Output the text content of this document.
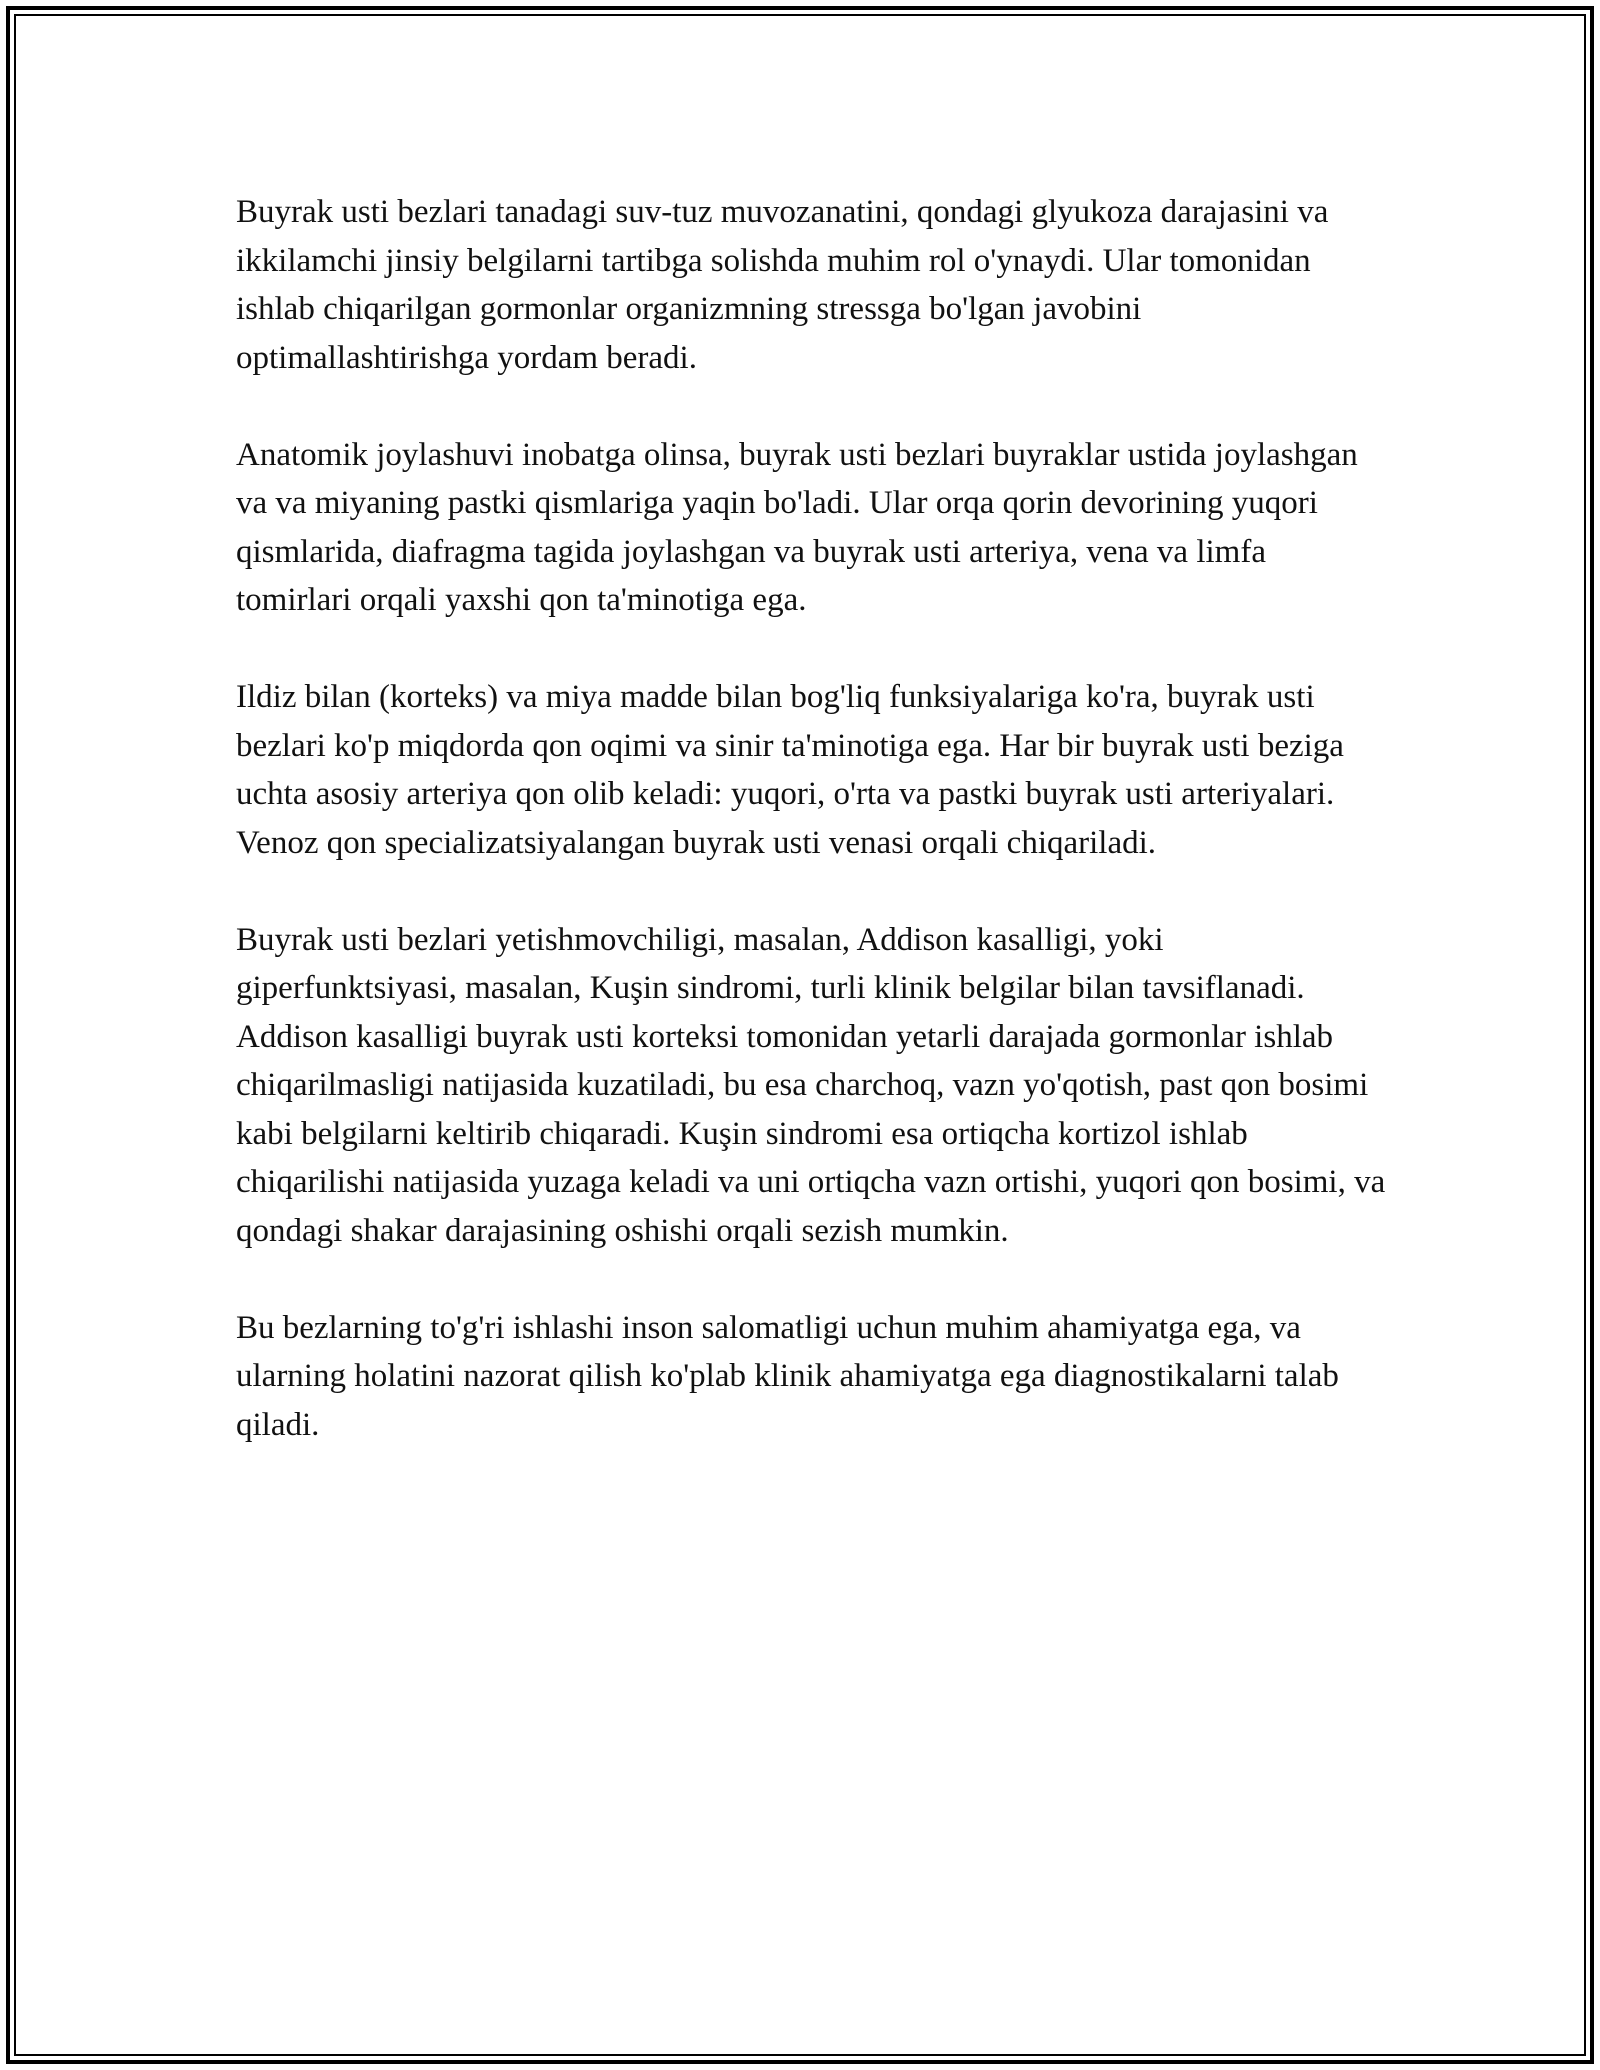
Buyrak usti bezlari tanadagi suv-tuz muvozanatini, qondagi glyukoza darajasini va ikkilamchi jinsiy belgilarni tartibga solishda muhim rol o'ynaydi. Ular tomonidan ishlab chiqarilgan gormonlar organizmning stressga bo'lgan javobini optimallashtirishga yordam beradi.

Anatomik joylashuvi inobatga olinsa, buyrak usti bezlari buyraklar ustida joylashgan va va miyaning pastki qismlariga yaqin bo'ladi. Ular orqa qorin devorining yuqori qismlarida, diafragma tagida joylashgan va buyrak usti arteriya, vena va limfa tomirlari orqali yaxshi qon ta'minotiga ega.

Ildiz bilan (korteks) va miya madde bilan bog'liq funksiyalariga ko'ra, buyrak usti bezlari ko'p miqdorda qon oqimi va sinir ta'minotiga ega. Har bir buyrak usti beziga uchta asosiy arteriya qon olib keladi: yuqori, o'rta va pastki buyrak usti arteriyalari. Venoz qon specializatsiyalangan buyrak usti venasi orqali chiqariladi.

Buyrak usti bezlari yetishmovchiligi, masalan, Addison kasalligi, yoki giperfunktsiyasi, masalan, Kuşin sindromi, turli klinik belgilar bilan tavsiflanadi. Addison kasalligi buyrak usti korteksi tomonidan yetarli darajada gormonlar ishlab chiqarilmasligi natijasida kuzatiladi, bu esa charchoq, vazn yo'qotish, past qon bosimi kabi belgilarni keltirib chiqaradi. Kuşin sindromi esa ortiqcha kortizol ishlab chiqarilishi natijasida yuzaga keladi va uni ortiqcha vazn ortishi, yuqori qon bosimi, va qondagi shakar darajasining oshishi orqali sezish mumkin.

Bu bezlarning to'g'ri ishlashi inson salomatligi uchun muhim ahamiyatga ega, va ularning holatini nazorat qilish ko'plab klinik ahamiyatga ega diagnostikalarni talab qiladi.
